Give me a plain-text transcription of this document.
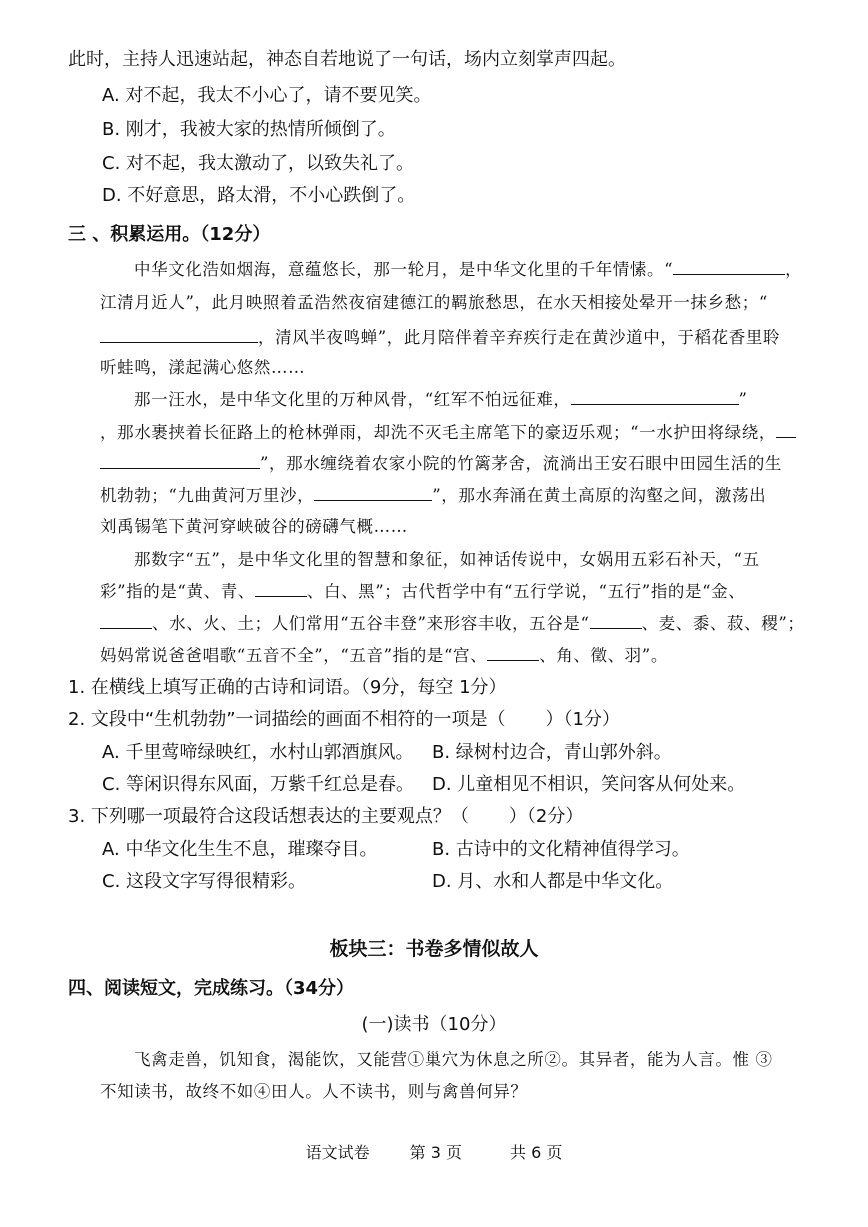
此时，主持人迅速站起，神态自若地说了一句话，场内立刻掌声四起。
A. 对不起，我太不小心了，请不要见笑。
B. 刚才，我被大家的热情所倾倒了。
C. 对不起，我太激动了，以致失礼了。
D. 不好意思，路太滑，不小心跌倒了。
三 、积累运用。（12分）
中华文化浩如烟海，意蕴悠长，那一轮月，是中华文化里的千年情愫。“	，
江清月近人”，此月映照着孟浩然夜宿建德江的羁旅愁思，在水天相接处晕开一抹乡愁；“
，清风半夜鸣蝉”，此月陪伴着辛弃疾行走在黄沙道中，于稻花香里聆
听蛙鸣，漾起满心悠然……
那一汪水，是中华文化里的万种风骨，“红军不怕远征难，	”
，那水裹挟着长征路上的枪林弹雨，却洗不灭毛主席笔下的豪迈乐观；“一水护田将绿绕，
”，那水缠绕着农家小院的竹篱茅舍，流淌出王安石眼中田园生活的生
机勃勃；“九曲黄河万里沙，	”，那水奔涌在黄土高原的沟壑之间，激荡出
刘禹锡笔下黄河穿峡破谷的磅礴气概……
那数字“五”，是中华文化里的智慧和象征，如神话传说中，女娲用五彩石补天，“五
彩”指的是“黄、青、	、白、黑”；古代哲学中有“五行学说，“五行”指的是“金、
、水、火、土；人们常用“五谷丰登”来形容丰收，五谷是“	、麦、黍、菽、稷”；
妈妈常说爸爸唱歌“五音不全”，“五音”指的是“宫、	、角、徵、羽”。
1. 在横线上填写正确的古诗和词语。（9分，每空 1分）
2. 文段中“生机勃勃”一词描绘的画面不相符的一项是（ ）（1分）
A. 千里莺啼绿映红，水村山郭酒旗风。 B. 绿树村边合，青山郭外斜。
C. 等闲识得东风面，万紫千红总是春。 D. 儿童相见不相识，笑问客从何处来。
3. 下列哪一项最符合这段话想表达的主要观点？（ ）（2分）
A. 中华文化生生不息，璀璨夺目。	B. 古诗中的文化精神值得学习。
C. 这段文字写得很精彩。	D. 月、水和人都是中华文化。
板块三：书卷多情似故人
四、阅读短文，完成练习。（34分）
(一)读书（10分）
飞禽走兽，饥知食，渴能饮，又能营①巢穴为休息之所②。其异者，能为人言。惟 ③
不知读书，故终不如④田人。人不读书，则与禽兽何异？
语文试卷	第 3 页	共 6 页
